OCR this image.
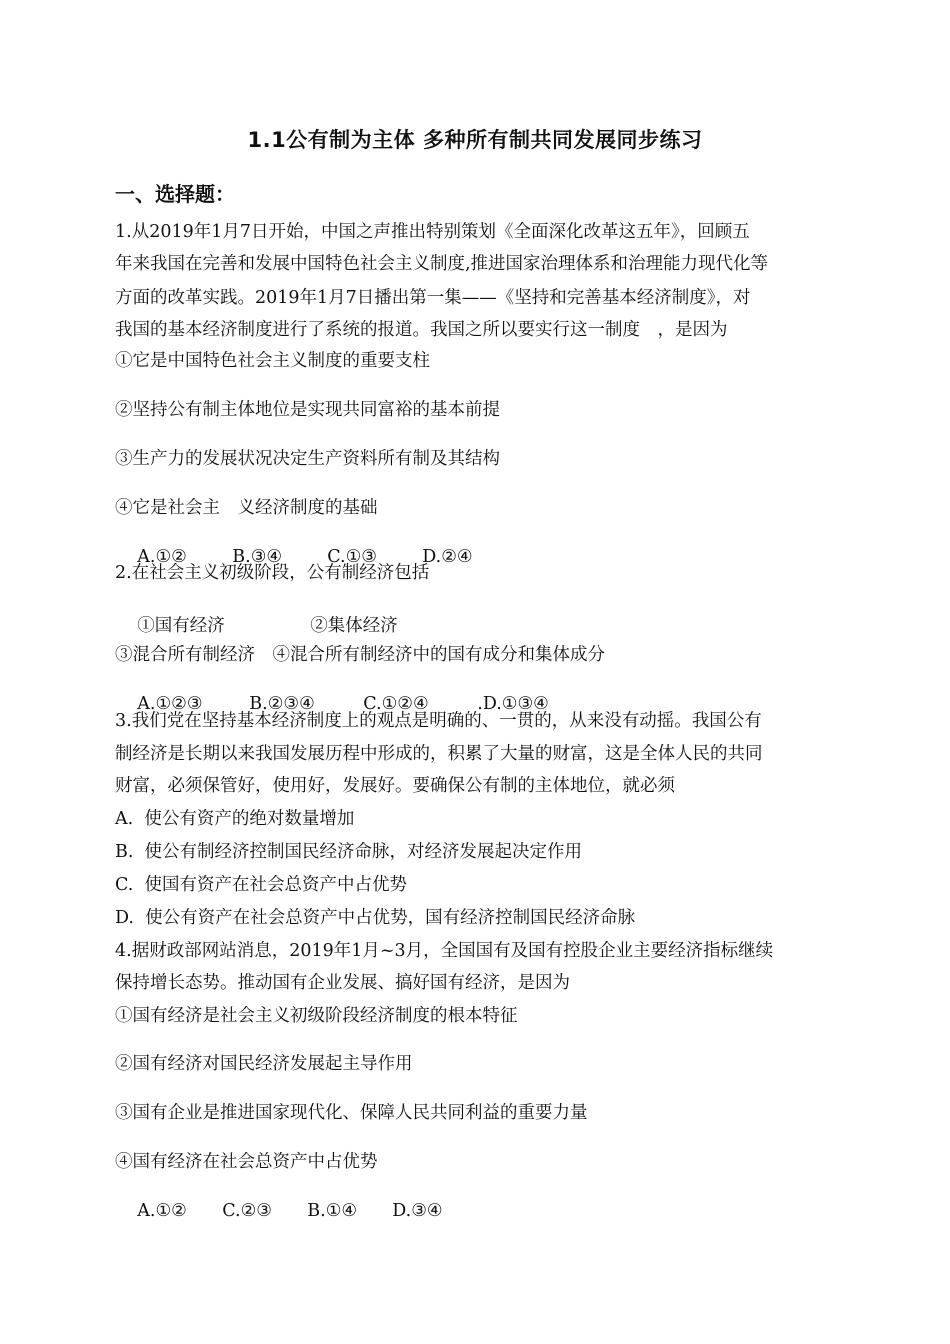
1.1公有制为主体 多种所有制共同发展同步练习
一、选择题：
1.从2019年1月7日开始，中国之声推出特别策划《全面深化改革这五年》，回顾五
年来我国在完善和发展中国特色社会主义制度,推进国家治理体系和治理能力现代化等
方面的改革实践。2019年1月7日播出第一集——《坚持和完善基本经济制度》，对
我国的基本经济制度进行了系统的报道。我国之所以要实行这一制度　，是因为
①它是中国特色社会主义制度的重要支柱
②坚持公有制主体地位是实现共同富裕的基本前提
③生产力的发展状况决定生产资料所有制及其结构
④它是社会主　义经济制度的基础

A.①②	B.③④	C.①③	D.②④

2.在社会主义初级阶段，公有制经济包括

①国有经济	②集体经济

③混合所有制经济　④混合所有制经济中的国有成分和集体成分

A.①②③	B.②③④	C.①②④	.D.①③④

3.我们党在坚持基本经济制度上的观点是明确的、一贯的，从来没有动摇。我国公有
制经济是长期以来我国发展历程中形成的，积累了大量的财富，这是全体人民的共同
财富，必须保管好，使用好，发展好。要确保公有制的主体地位，就必须
A.  使公有资产的绝对数量增加
B.  使公有制经济控制国民经济命脉，对经济发展起决定作用
C.  使国有资产在社会总资产中占优势
D.  使公有资产在社会总资产中占优势，国有经济控制国民经济命脉
4.据财政部网站消息，2019年1月~3月，全国国有及国有控股企业主要经济指标继续
保持增长态势。推动国有企业发展、搞好国有经济，是因为
①国有经济是社会主义初级阶段经济制度的根本特征
②国有经济对国民经济发展起主导作用
③国有企业是推进国家现代化、保障人民共同利益的重要力量
④国有经济在社会总资产中占优势

A.①② C.②③ B.①④ D.③④
